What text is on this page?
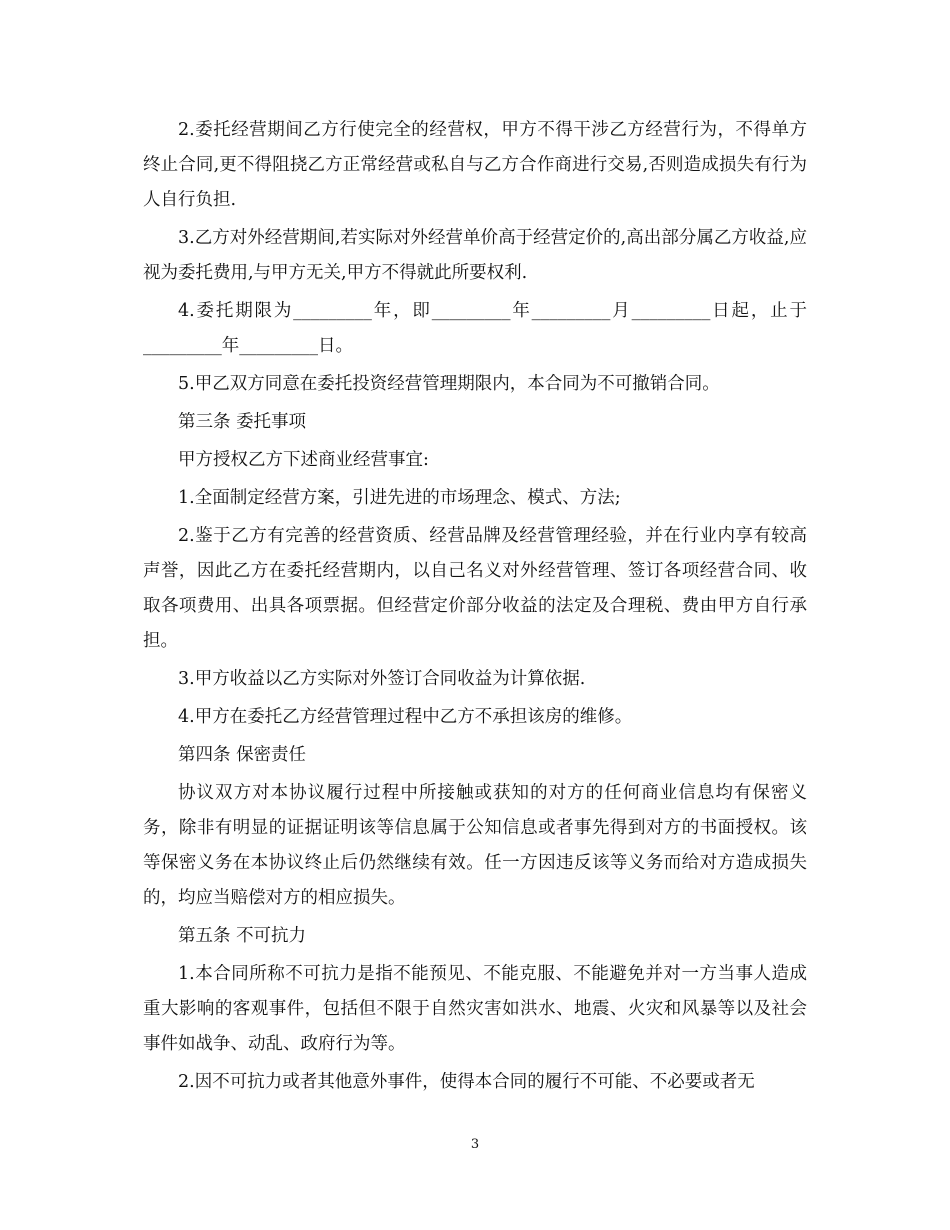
2.委托经营期间乙方行使完全的经营权，甲方不得干涉乙方经营行为，不得单方终止合同,更不得阻挠乙方正常经营或私自与乙方合作商进行交易,否则造成损失有行为人自行负担.

3.乙方对外经营期间,若实际对外经营单价高于经营定价的,高出部分属乙方收益,应视为委托费用,与甲方无关,甲方不得就此所要权利.

4.委托期限为_________年，即_________年_________月_________日起，止于_________年_________日。

5.甲乙双方同意在委托投资经营管理期限内，本合同为不可撤销合同。

第三条 委托事项

甲方授权乙方下述商业经营事宜:

1.全面制定经营方案，引进先进的市场理念、模式、方法;

2.鉴于乙方有完善的经营资质、经营品牌及经营管理经验，并在行业内享有较高声誉，因此乙方在委托经营期内，以自己名义对外经营管理、签订各项经营合同、收取各项费用、出具各项票据。但经营定价部分收益的法定及合理税、费由甲方自行承担。

3.甲方收益以乙方实际对外签订合同收益为计算依据.

4.甲方在委托乙方经营管理过程中乙方不承担该房的维修。

第四条 保密责任

协议双方对本协议履行过程中所接触或获知的对方的任何商业信息均有保密义务，除非有明显的证据证明该等信息属于公知信息或者事先得到对方的书面授权。该等保密义务在本协议终止后仍然继续有效。任一方因违反该等义务而给对方造成损失的，均应当赔偿对方的相应损失。

第五条 不可抗力

1.本合同所称不可抗力是指不能预见、不能克服、不能避免并对一方当事人造成重大影响的客观事件，包括但不限于自然灾害如洪水、地震、火灾和风暴等以及社会事件如战争、动乱、政府行为等。

2.因不可抗力或者其他意外事件，使得本合同的履行不可能、不必要或者无

3
